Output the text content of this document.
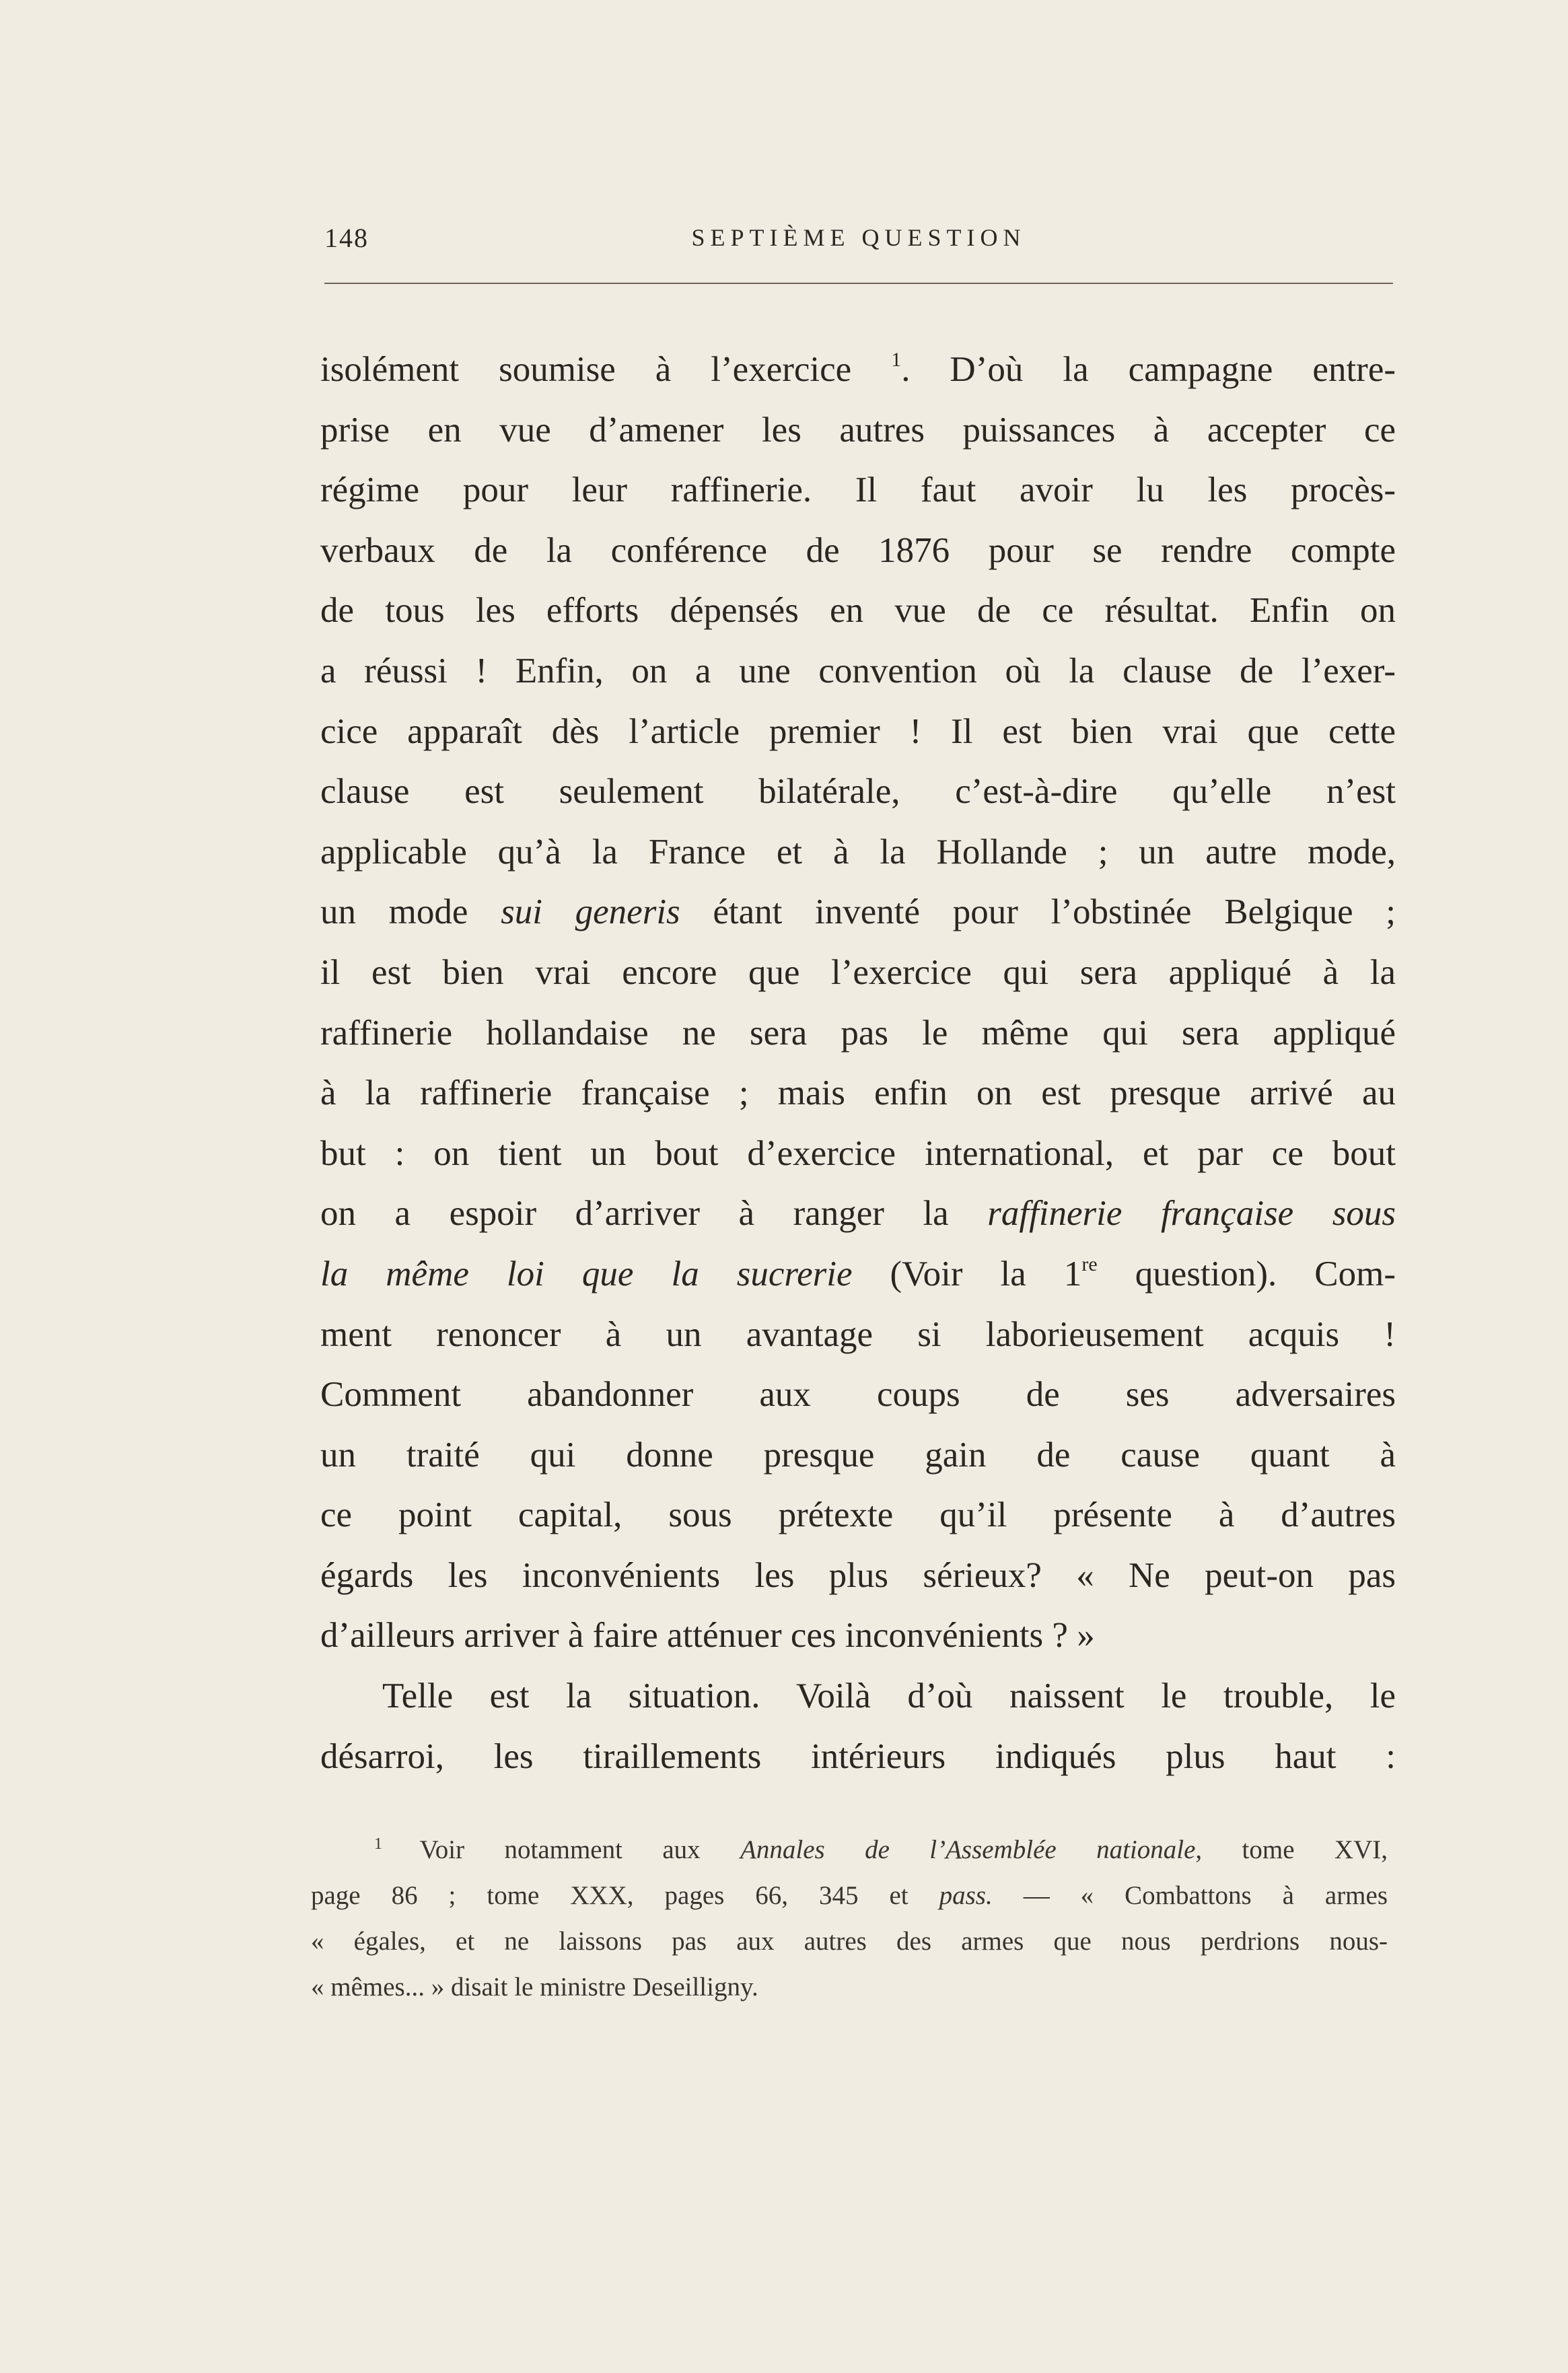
148	SEPTIÈME QUESTION
isolément soumise à l’exercice $^1$. D’où la campagne entre-
prise en vue d’amener les autres puissances à accepter ce
régime pour leur raffinerie. Il faut avoir lu les procès-
verbaux de la conférence de 1876 pour se rendre compte
de tous les efforts dépensés en vue de ce résultat. Enfin on
a réussi ! Enfin, on a une convention où la clause de l’exer-
cice apparaît dès l’article premier ! Il est bien vrai que cette
clause est seulement bilatérale, c’est-à-dire qu’elle n’est
applicable qu’à la France et à la Hollande ; un autre mode,
un mode sui generis étant inventé pour l’obstinée Belgique ;
il est bien vrai encore que l’exercice qui sera appliqué à la
raffinerie hollandaise ne sera pas le même qui sera appliqué
à la raffinerie française ; mais enfin on est presque arrivé au
but : on tient un bout d’exercice international, et par ce bout
on a espoir d’arriver à ranger la raffinerie française sous
la même loi que la sucrerie (Voir la 1re question). Com-
ment renoncer à un avantage si laborieusement acquis !
Comment abandonner aux coups de ses adversaires
un traité qui donne presque gain de cause quant à
ce point capital, sous prétexte qu’il présente à d’autres
égards les inconvénients les plus sérieux? « Ne peut-on pas
d’ailleurs arriver à faire atténuer ces inconvénients ? »
Telle est la situation. Voilà d’où naissent le trouble, le
désarroi, les tiraillements intérieurs indiqués plus haut :
$^1$ Voir notamment aux Annales de l’Assemblée nationale, tome XVI,
page 86 ; tome XXX, pages 66, 345 et pass. — « Combattons à armes
« égales, et ne laissons pas aux autres des armes que nous perdrions nous-
« mêmes... » disait le ministre Deseilligny.
